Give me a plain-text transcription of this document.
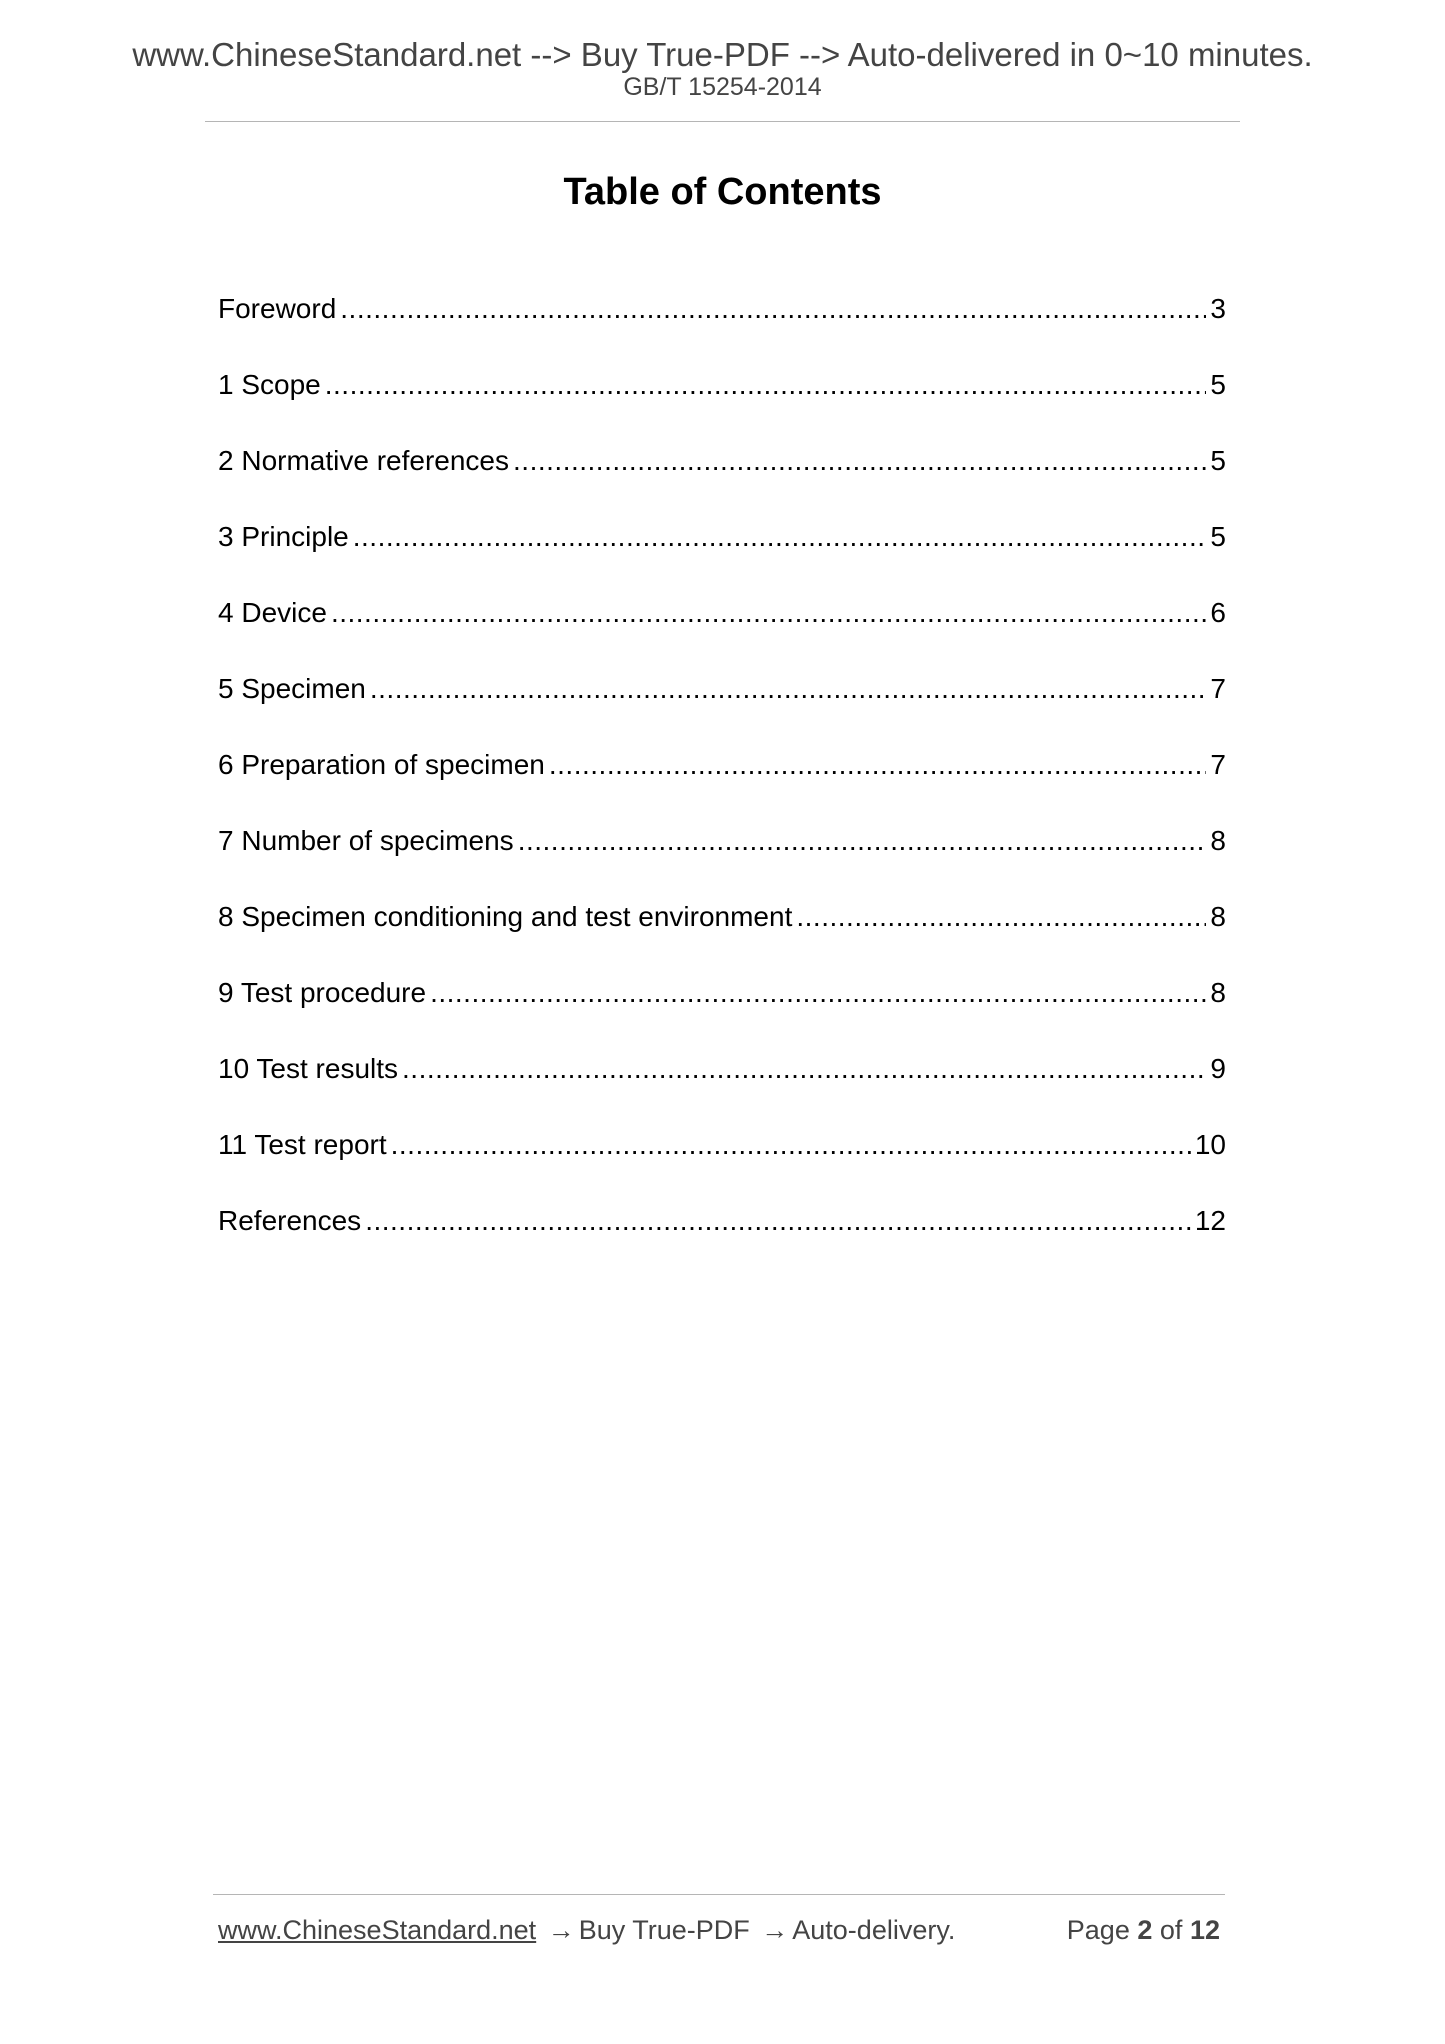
www.ChineseStandard.net --> Buy True-PDF --> Auto-delivered in 0~10 minutes.
GB/T 15254-2014
Table of Contents
Foreword .....	3
1 Scope .....	5
2 Normative references .....	5
3 Principle .....	5
4 Device .....	6
5 Specimen .....	7
6 Preparation of specimen .....	7
7 Number of specimens .....	8
8 Specimen conditioning and test environment .....	8
9 Test procedure .....	8
10 Test results .....	9
11 Test report .....	10
References .....	12
www.ChineseStandard.net → Buy True-PDF → Auto-delivery.	Page 2 of 12
